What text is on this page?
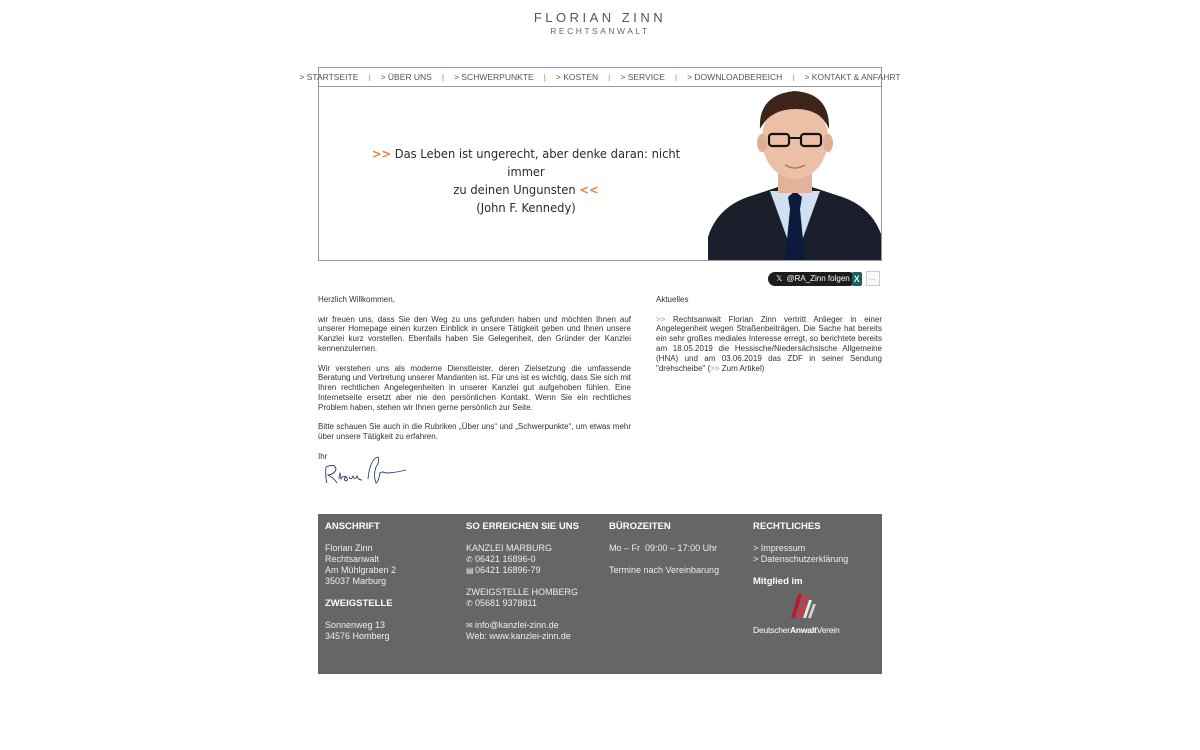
FLORIAN ZINN
RECHTSANWALT
> STARTSEITE | > ÜBER UNS | > SCHWERPUNKTE | > KOSTEN | > SERVICE | > DOWNLOADBEREICH | > KONTAKT & ANFAHRT
>> Das Leben ist ungerecht, aber denke daran: nicht immer
zu deinen Ungunsten <<
(John F. Kennedy)
𝕏 @RA_Zinn folgen X	...

Herzlich Willkommen,

wir freuen uns, dass Sie den Weg zu uns gefunden haben und möchten Ihnen auf unserer Homepage einen kurzen Einblick in unsere Tätigkeit geben und Ihnen unsere Kanzlei kurz vorstellen. Ebenfalls haben Sie Gelegenheit, den Gründer der Kanzlei kennenzulernen.

Wir verstehen uns als moderne Dienstleister, deren Zielsetzung die umfassende Beratung und Vertretung unserer Mandanten ist. Für uns ist es wichtig, dass Sie sich mit Ihren rechtlichen Angelegenheiten in unserer Kanzlei gut aufgehoben fühlen. Eine Internetseite ersetzt aber nie den persönlichen Kontakt. Wenn Sie ein rechtliches Problem haben, stehen wir Ihnen gerne persönlich zur Seite.

Bitte schauen Sie auch in die Rubriken „Über uns“ und „Schwerpunkte“, um etwas mehr über unsere Tätigkeit zu erfahren.

Ihr

Aktuelles

>> Rechtsanwalt Florian Zinn vertritt Anlieger in einer Angelegenheit wegen Straßenbeiträgen. Die Sache hat bereits ein sehr großes mediales Interesse erregt, so berichtete bereits am 18.05.2019 die Hessische/Niedersächsische Allgemeine (HNA) und am 03.06.2019 das ZDF in seiner Sendung "drehscheibe" (>> Zum Artikel)

ANSCHRIFT

Florian Zinn
Rechtsanwalt
Am Mühlgraben 2
35037 Marburg

ZWEIGSTELLE

Sonnenweg 13
34576 Homberg

SO ERREICHEN SIE UNS

KANZLEI MARBURG
✆ 06421 16896-0
▤06421 16896-79

ZWEIGSTELLE HOMBERG
✆ 05681 9378811

✉ info@kanzlei-zinn.de
Web: www.kanzlei-zinn.de

BÜROZEITEN

Mo – Fr 09:00 – 17:00 Uhr

Termine nach Vereinbarung

RECHTLICHES

> Impressum
> Datenschutzerklärung

Mitglied im
DeutscherAnwaltVerein
